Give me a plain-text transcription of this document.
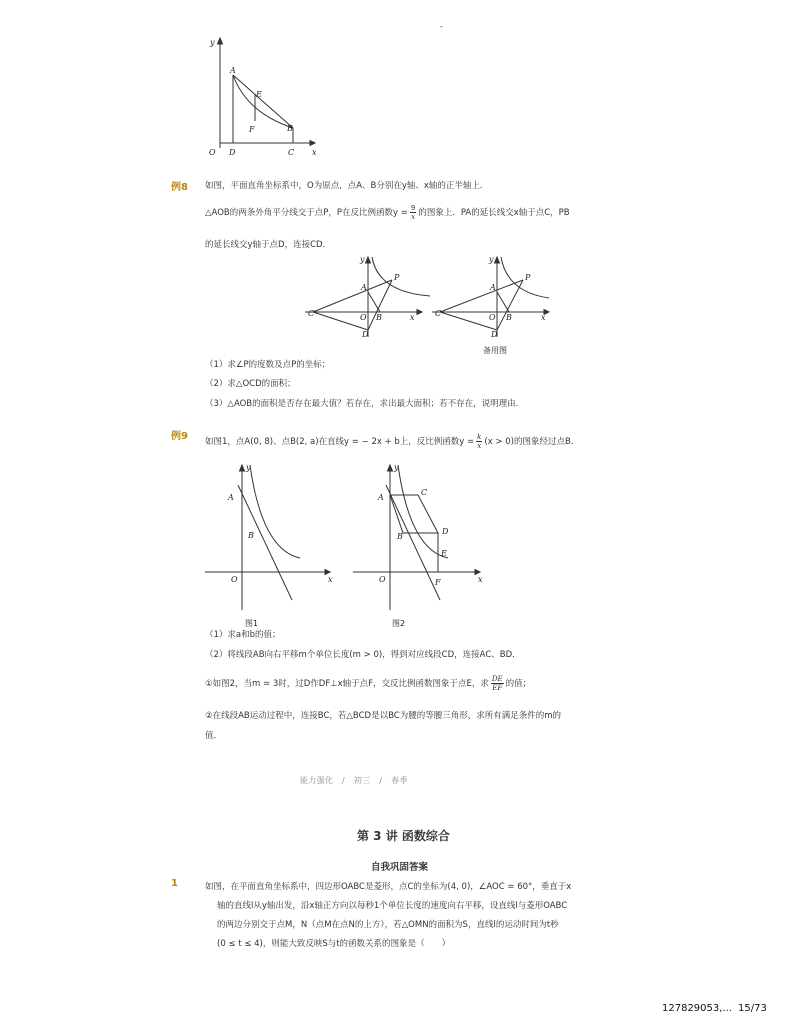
-
y
A
E
F	B
O D	C x
例8 如图，平面直角坐标系中，O为原点，点A、B分别在y轴、x轴的正半轴上．
△AOB的两条外角平分线交于点P，P在反比例函数$y = \frac{9}{x}$ 的图象上．PA的延长线交x轴于点C，PB
的延长线交y轴于点D，连接CD．
y
P
A
C	O B	x
D
y
P
A
C	O B	x
D
备用图
（1）求∠P的度数及点P的坐标；
（2）求△OCD的面积；
（3）△AOB的面积是否存在最大值？若存在，求出最大面积；若不存在，说明理由．
例9 如图1，点A(0, 8)、点B(2, a)在直线y = − 2x + b上，反比例函数$y = \frac{k}{x} (x > 0)$的图象经过点B．
y
A
B
O	x
图1
y
A
C
B
D
E
O	F	x
图2
（1）求a和b的值；
（2）将线段AB向右平移m个单位长度(m > 0)，得到对应线段CD，连接AC、BD．
①如图2，当m = 3时，过D作DF⊥x轴于点F，交反比例函数图象于点E，求 $\frac{DE}{EF}$ 的值；
②在线段AB运动过程中，连接BC，若△BCD是以BC为腰的等腰三角形，求所有满足条件的m的
值．
能力强化 / 初三 / 春季
第 3 讲 函数综合
自我巩固答案
1	如图，在平面直角坐标系中，四边形OABC是菱形，点C的坐标为(4, 0)，∠AOC = 60°，垂直于x
轴的直线l从y轴出发，沿x轴正方向以每秒1个单位长度的速度向右平移，设直线l与菱形OABC
的两边分别交于点M，N（点M在点N的上方），若△OMN的面积为S，直线l的运动时间为t秒
(0 ≤ t ≤ 4)，则能大致反映S与t的函数关系的图象是（　　）
127829053,... 15/73
